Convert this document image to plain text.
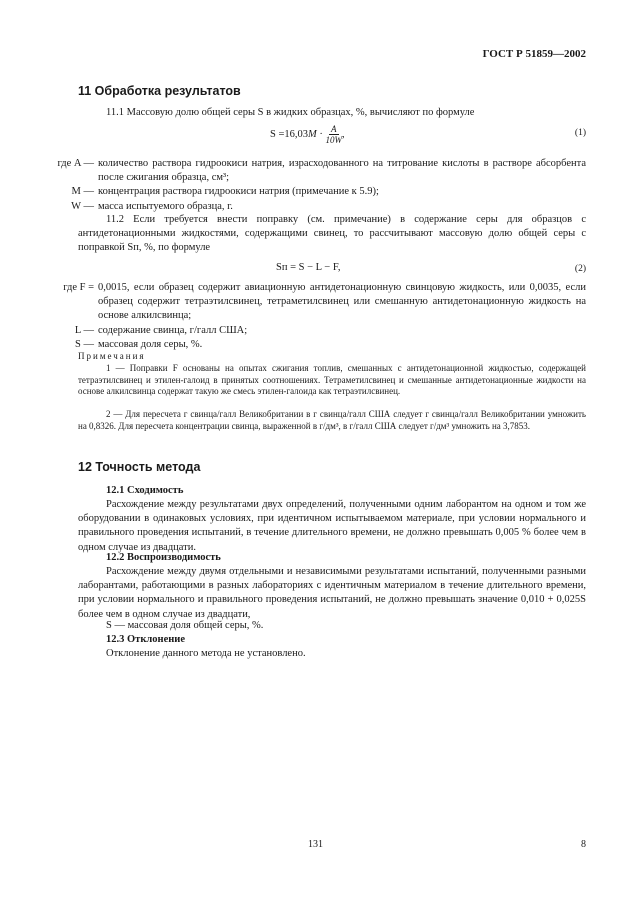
ГОСТ Р 51859—2002
11 Обработка результатов
11.1 Массовую долю общей серы S в жидких образцах, %, вычисляют по формуле
$S =16,03M \cdot \frac{A}{10W}$ ,	(1)
где A — количество раствора гидроокиси натрия, израсходованного на титрование кислоты в растворе абсорбента после сжигания образца, см³;
M — концентрация раствора гидроокиси натрия (примечание к 5.9);
W — масса испытуемого образца, г.
11.2 Если требуется внести поправку (см. примечание) в содержание серы для образцов с антидетонационными жидкостями, содержащими свинец, то рассчитывают массовую долю общей серы с поправкой Sп, %, по формуле
Sп = S − L − F,	(2)
где F = 0,0015, если образец содержит авиационную антидетонационную свинцовую жидкость, или 0,0035, если образец содержит тетраэтилсвинец, тетраметилсвинец или смешанную антидетонационную жидкость на основе алкилсвинца;
L — содержание свинца, г/галл США;
S — массовая доля серы, %.
Примечания
1 — Поправки F основаны на опытах сжигания топлив, смешанных с антидетонационной жидкостью, содержащей тетраэтилсвинец и этилен-галоид в принятых соотношениях. Тетраметилсвинец и смешанные антидетонационные жидкости на основе алкилсвинца содержат такую же смесь этилен-галоида как тетраэтилсвинец.
2 — Для пересчета г свинца/галл Великобритании в г свинца/галл США следует г свинца/галл Великобритании умножить на 0,8326. Для пересчета концентрации свинца, выраженной в г/дм³, в г/галл США следует г/дм³ умножить на 3,7853.
12 Точность метода
12.1 Сходимость
Расхождение между результатами двух определений, полученными одним лаборантом на одном и том же оборудовании в одинаковых условиях, при идентичном испытываемом материале, при условии нормального и правильного проведения испытаний, в течение длительного времени, не должно превышать 0,005 % более чем в одном случае из двадцати.
12.2 Воспроизводимость
Расхождение между двумя отдельными и независимыми результатами испытаний, полученными разными лаборантами, работающими в разных лабораториях с идентичным материалом в течение длительного времени, при условии нормального и правильного проведения испытаний, не должно превышать значение 0,010 + 0,025S более чем в одном случае из двадцати,
S — массовая доля общей серы, %.
12.3 Отклонение
Отклонение данного метода не установлено.
131	8
